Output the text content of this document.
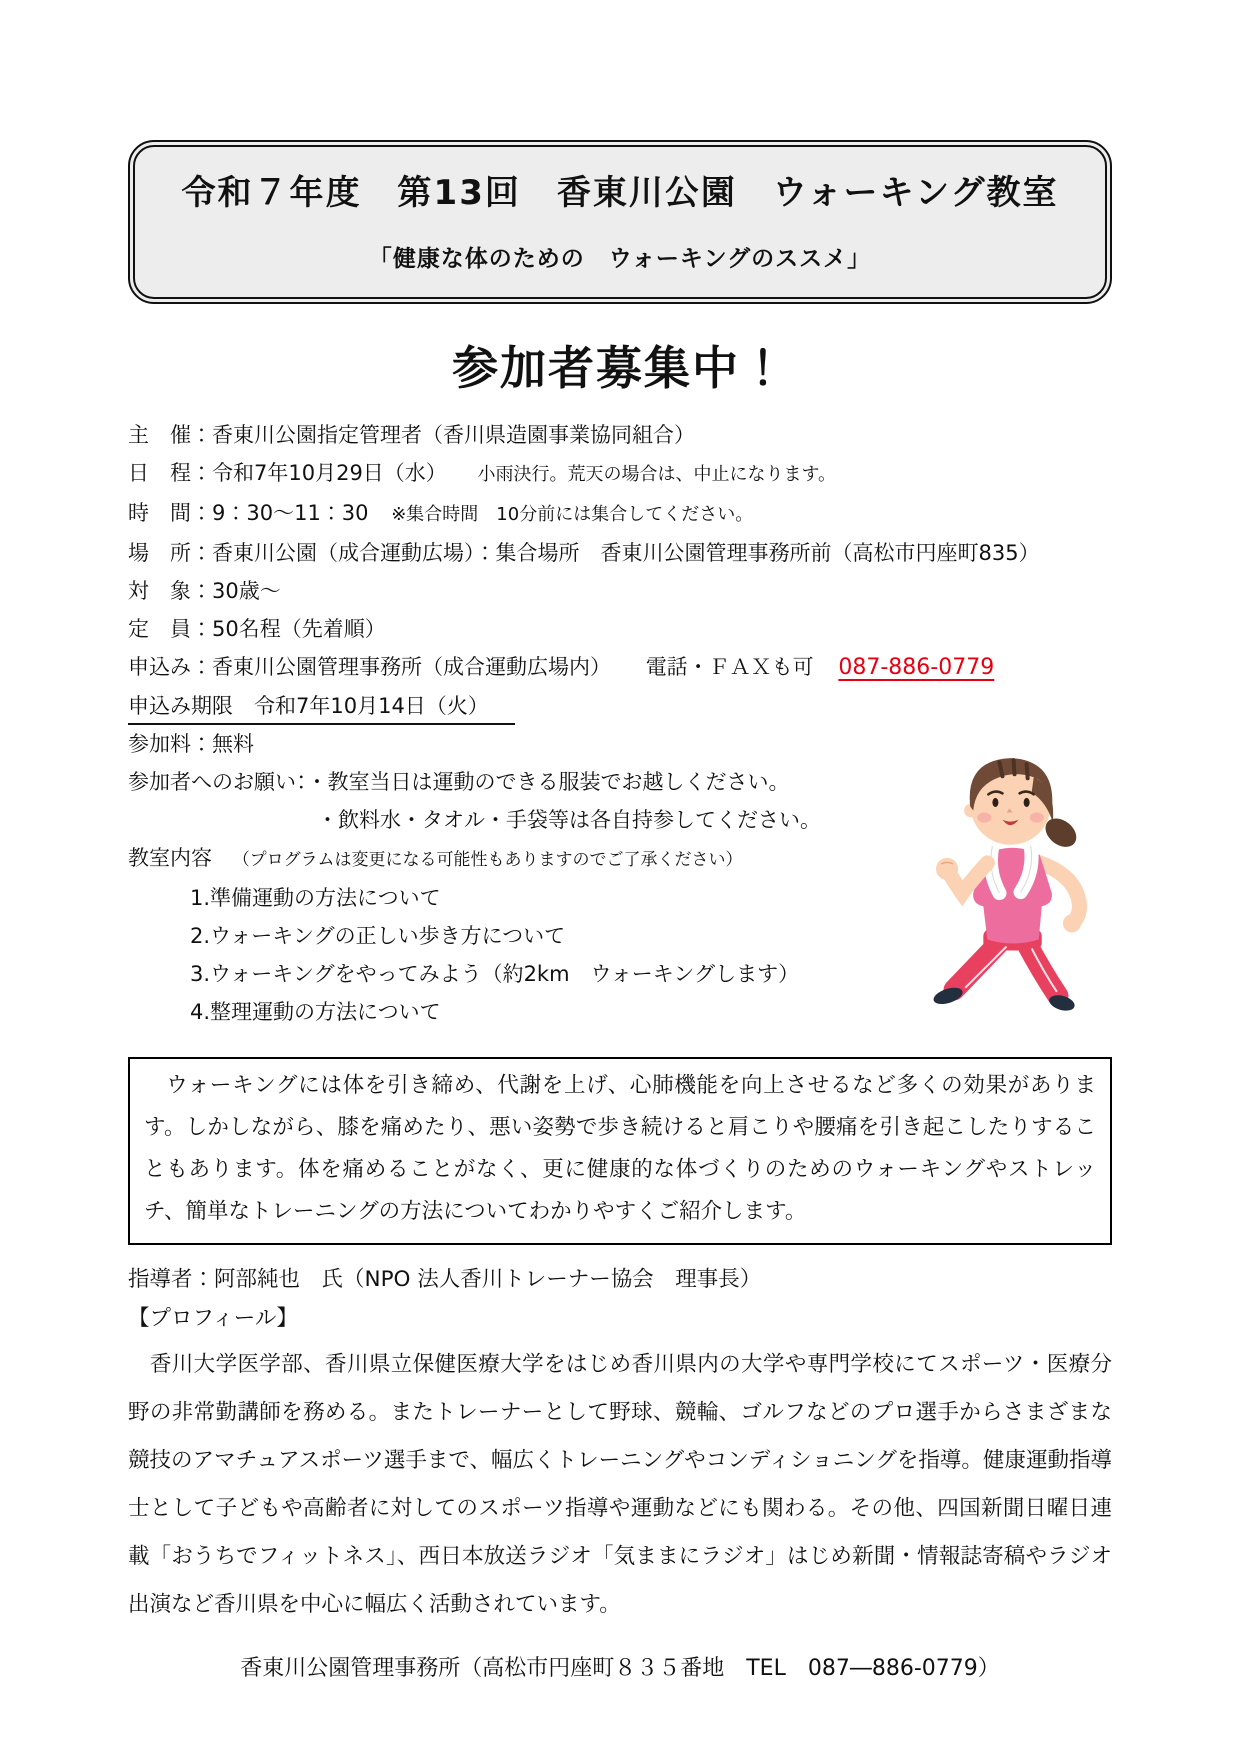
令和７年度　第13回　香東川公園　ウォーキング教室
「健康な体のための　ウォーキングのススメ」
参加者募集中！
主　催：香東川公園指定管理者（香川県造園事業協同組合）
日　程：令和7年10月29日（水） 小雨決行。荒天の場合は、中止になります。
時　間：9：30～11：30 ※集合時間　10分前には集合してください。
場　所：香東川公園（成合運動広場）：集合場所　香東川公園管理事務所前（高松市円座町835）
対　象：30歳～
定　員：50名程（先着順）
申込み：香東川公園管理事務所（成合運動広場内） 電話・ＦＡＸも可 087-886-0779
申込み期限　令和7年10月14日（火）
参加料：無料
参加者へのお願い：・教室当日は運動のできる服装でお越しください。
・飲料水・タオル・手袋等は各自持参してください。
教室内容 （プログラムは変更になる可能性もありますのでご了承ください）
1.準備運動の方法について
2.ウォーキングの正しい歩き方について
3.ウォーキングをやってみよう（約2km　ウォーキングします）
4.整理運動の方法について
　ウォーキングには体を引き締め、代謝を上げ、心肺機能を向上させるなど多くの効果があります。しかしながら、膝を痛めたり、悪い姿勢で歩き続けると肩こりや腰痛を引き起こしたりすることもあります。体を痛めることがなく、更に健康的な体づくりのためのウォーキングやストレッチ、簡単なトレーニングの方法についてわかりやすくご紹介します。
指導者：阿部純也　氏（NPO 法人香川トレーナー協会　理事長）
【プロフィール】
　香川大学医学部、香川県立保健医療大学をはじめ香川県内の大学や専門学校にてスポーツ・医療分野の非常勤講師を務める。またトレーナーとして野球、競輪、ゴルフなどのプロ選手からさまざまな競技のアマチュアスポーツ選手まで、幅広くトレーニングやコンディショニングを指導。健康運動指導士として子どもや高齢者に対してのスポーツ指導や運動などにも関わる。その他、四国新聞日曜日連載「おうちでフィットネス」、西日本放送ラジオ「気ままにラジオ」はじめ新聞・情報誌寄稿やラジオ出演など香川県を中心に幅広く活動されています。
香東川公園管理事務所（高松市円座町８３５番地　TEL　087―886-0779）
